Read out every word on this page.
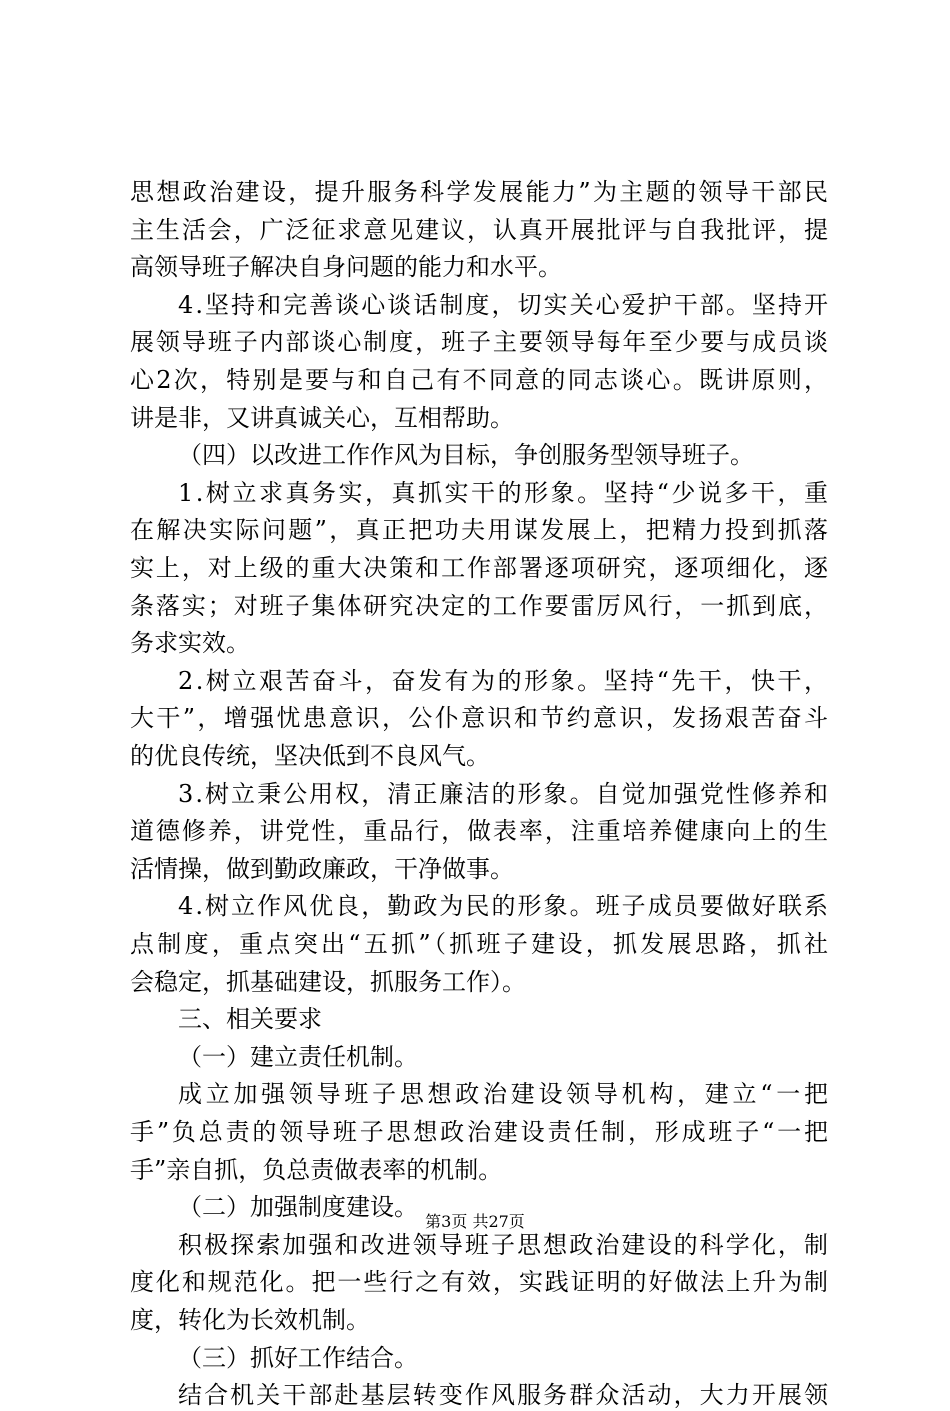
思想政治建设，提升服务科学发展能力”为主题的领导干部民
主生活会，广泛征求意见建议，认真开展批评与自我批评，提
高领导班子解决自身问题的能力和水平。
4.坚持和完善谈心谈话制度，切实关心爱护干部。坚持开
展领导班子内部谈心制度，班子主要领导每年至少要与成员谈
心2次，特别是要与和自己有不同意的同志谈心。既讲原则，
讲是非，又讲真诚关心，互相帮助。
（四）以改进工作作风为目标，争创服务型领导班子。
1.树立求真务实，真抓实干的形象。坚持“少说多干，重
在解决实际问题”，真正把功夫用谋发展上，把精力投到抓落
实上，对上级的重大决策和工作部署逐项研究，逐项细化，逐
条落实；对班子集体研究决定的工作要雷厉风行，一抓到底，
务求实效。
2.树立艰苦奋斗，奋发有为的形象。坚持“先干，快干，
大干”，增强忧患意识，公仆意识和节约意识，发扬艰苦奋斗
的优良传统，坚决低到不良风气。
3.树立秉公用权，清正廉洁的形象。自觉加强党性修养和
道德修养，讲党性，重品行，做表率，注重培养健康向上的生
活情操，做到勤政廉政，干净做事。
4.树立作风优良，勤政为民的形象。班子成员要做好联系
点制度，重点突出“五抓”（抓班子建设，抓发展思路，抓社
会稳定，抓基础建设，抓服务工作）。
三、相关要求
（一）建立责任机制。
成立加强领导班子思想政治建设领导机构，建立“一把
手”负总责的领导班子思想政治建设责任制，形成班子“一把
手”亲自抓，负总责做表率的机制。
（二）加强制度建设。
积极探索加强和改进领导班子思想政治建设的科学化，制
度化和规范化。把一些行之有效，实践证明的好做法上升为制
度，转化为长效机制。
（三）抓好工作结合。
结合机关干部赴基层转变作风服务群众活动，大力开展领
第3页 共27页
